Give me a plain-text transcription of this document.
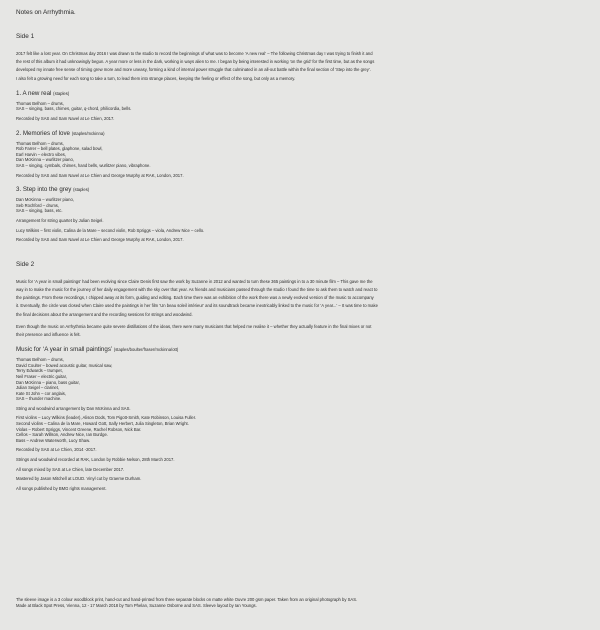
Notes on Arrhythmia.
Side 1

2017 felt like a lost year. On Christmas day 2016 I was drawn to the studio to record the beginnings of what was to become ‘A new real’ – The following Christmas day I was trying to finish it and

the rest of this album it had unknowingly begun. A year more or less in the dark, working in ways alien to me. I began by being interested in working ‘on the grid’ for the first time, but as the songs

developed my innate free sense of timing grew more and more uneasy, forming a kind of internal power struggle that culminated in an all-out battle within the final section of ‘Step into the grey’.

I also felt a growing need for each song to take a turn, to lead them into strange places, keeping the feeling or effect of the song, but only as a memory.

1. A new real (staples)

Thomas Belhom – drums,

SAS – singing, bass, chimes, guitar, q-chord, philicordia, bells.

Recorded by SAS and Sam Navel at Le Chien, 2017.

2. Memories of love (staples/mckinna)

Thomas Belhom – drums,

Rob Farrer – bell plates, glaphone, salad bowl,

Earl Harvin – electro vibes,

Dan McKinna – wurlitzer piano,

SAS – singing, cymbals, chimes, hand bells, wurlitzer piano, vibraphone.

Recorded by SAS and Sam Navel at Le Chien and George Murphy at RAK, London, 2017.

3. Step into the grey (staples)

Dan McKinna – wurlitzer piano,

Seb Rochford – drums,

SAS – singing, bass, etc.

Arrangement for string quartet by Julian Seigel.

Lucy Wilkins – first violin, Calina de la Mare – second violin, Rob Spriggs – viola, Andrew Nice – cello.

Recorded by SAS and Sam Navel at Le Chien and George Murphy at RAK, London, 2017.

Side 2

Music for ‘A year in small paintings’ had been evolving since Claire Denis first saw the work by Suzanne in 2012 and wanted to turn these 365 paintings in to a 30 minute film – This gave me the

way in to make the music for the journey of her daily engagement with the sky over that year. As friends and musicians passed through the studio I found the time to ask them to watch and react to

the paintings. From these recordings, I chipped away at its form, guiding and editing. Each time there was an exhibition of the work there was a newly evolved version of the music to accompany

it. Eventually, the circle was closed when Claire used the paintings in her film ‘Un beau soleil intérieur’ and its soundtrack became inextricably linked to the music for ‘A year...’ – It was time to make

the final decisions about the arrangement and the recording sessions for strings and woodwind.

Even though the music on Arrhythmia became quite severe distillations of the ideas, there were many musicians that helped me realise it – whether they actually feature in the final mixes or not

their presence and influence is felt.

Music for ‘A year in small paintings’ (staples/boulter/fraser/mckinna/ott)

Thomas Belhom – drums,

David Coulter – bowed acoustic guitar, musical saw,

Terry Edwards – trumpet,

Neil Fraser – electric guitar,

Dan McKinna – piano, bass guitar,

Julian Seigel – clarinet,

Kate St John – cor anglais,

SAS – thunder machine.

String and woodwind arrangement by Dan McKinna and SAS.

First violins – Lucy Wilkins (leader), Alison Dods, Tom Pigott-Smith, Kate Robinson, Louisa Fuller.

Second violins – Calina de la Mare, Howard Gott, Sally Herbert, Julia Singleton, Brian Wright.

Violas – Robert Spriggs, Vincent Greene, Rachel Robson, Nick Bar.

Cellos – Sarah Willson, Andrew Nice, Ian Burdge.

Bass – Andrew Waterworth, Lucy Shaw.

Recorded by SAS at Le Chien, 2014 -2017.

Strings and woodwind recorded at RAK, London by Robbie Nelson, 28th March 2017.

All songs mixed by SAS at Le Chien, late December 2017.

Mastered by Jason Mitchell at LOUD. Vinyl cut by Graeme Durham.

All songs published by BMG rights management.

The sleeve image is a 3 colour woodblock print, hand-cut and hand-printed from three separate blocks on matte white Ouvre 200 gsm paper. Taken from an original photograph by SAS.

Made at Black Spot Press, Vienna, 12 - 17 March 2018 by Tom Phelan, Suzanne Osborne and SAS. Sleeve layout by Ian Youngs.
